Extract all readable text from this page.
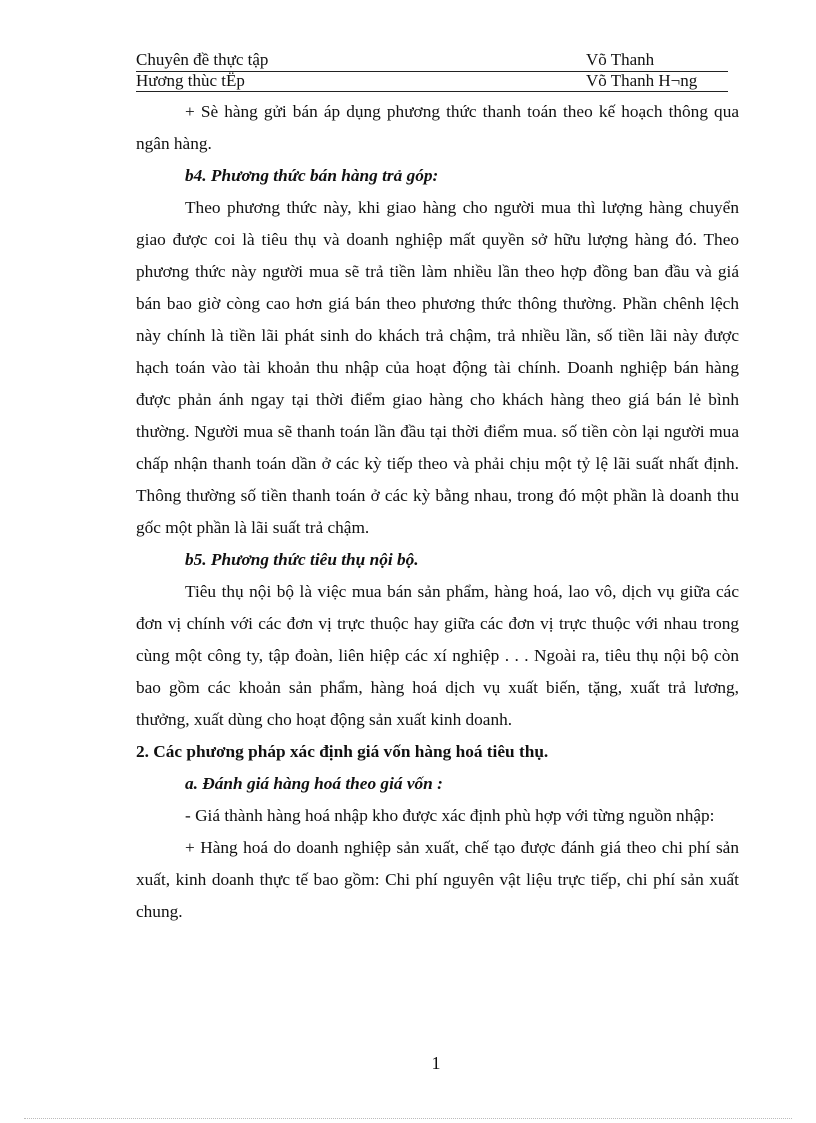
Chuyên đề thực tập	Võ Thanh
Hương thùc tËp	Võ Thanh H¬ng

+ Sè hàng gửi bán áp dụng phương thức thanh toán theo kế hoạch thông qua ngân hàng.

b4. Phương thức bán hàng trả góp:

Theo phương thức này, khi giao hàng cho người mua thì lượng hàng chuyển giao được coi là tiêu thụ và doanh nghiệp mất quyền sở hữu lượng hàng đó. Theo phương thức này người mua sẽ trả tiền làm nhiều lần theo hợp đồng ban đầu và giá bán bao giờ còng cao hơn giá bán theo phương thức thông thường. Phần chênh lệch này chính là tiền lãi phát sinh do khách trả chậm, trả nhiều lần, số tiền lãi này được hạch toán vào tài khoản thu nhập của hoạt động tài chính. Doanh nghiệp bán hàng được phản ánh ngay tại thời điểm giao hàng cho khách hàng theo giá bán lẻ bình thường. Người mua sẽ thanh toán lần đầu tại thời điểm mua. số tiền còn lại người mua chấp nhận thanh toán dần ở các kỳ tiếp theo và phải chịu một tỷ lệ lãi suất nhất định. Thông thường số tiền thanh toán ở các kỳ bằng nhau, trong đó một phần là doanh thu gốc một phần là lãi suất trả chậm.

b5. Phương thức tiêu thụ nội bộ.

Tiêu thụ nội bộ là việc mua bán sản phẩm, hàng hoá, lao vô, dịch vụ giữa các đơn vị chính với các đơn vị trực thuộc hay giữa các đơn vị trực thuộc với nhau trong cùng một công ty, tập đoàn, liên hiệp các xí nghiệp . . . Ngoài ra, tiêu thụ nội bộ còn bao gồm các khoản sản phẩm, hàng hoá dịch vụ xuất biến, tặng, xuất trả lương, thưởng, xuất dùng cho hoạt động sản xuất kinh doanh.

2. Các phương pháp xác định giá vốn hàng hoá tiêu thụ.
a. Đánh giá hàng hoá theo giá vốn :

- Giá thành hàng hoá nhập kho được xác định phù hợp với từng nguồn nhập:

+ Hàng hoá do doanh nghiệp sản xuất, chế tạo được đánh giá theo chi phí sản xuất, kinh doanh thực tế bao gồm: Chi phí nguyên vật liệu trực tiếp, chi phí sản xuất chung.

1
